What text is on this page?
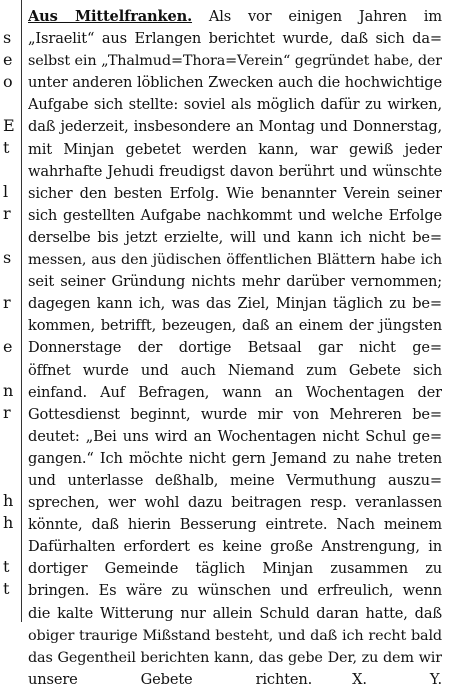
s
e
o
E
t
l
r
s
r
e
n
r
h
h
t
t
Aus Mittelfranken. Als vor einigen Jahren im
„Israelit“ aus Erlangen berichtet wurde, daß sich da=
selbst ein „Thalmud=Thora=Verein“ gegründet habe, der
unter anderen löblichen Zwecken auch die hochwichtige
Aufgabe sich stellte: soviel als möglich dafür zu wirken,
daß jederzeit, insbesondere an Montag und Donnerstag,
mit Minjan gebetet werden kann, war gewiß jeder
wahrhafte Jehudi freudigst davon berührt und wünschte
sicher den besten Erfolg. Wie benannter Verein seiner
sich gestellten Aufgabe nachkommt und welche Erfolge
derselbe bis jetzt erzielte, will und kann ich nicht be=
messen, aus den jüdischen öffentlichen Blättern habe ich
seit seiner Gründung nichts mehr darüber vernommen;
dagegen kann ich, was das Ziel, Minjan täglich zu be=
kommen, betrifft, bezeugen, daß an einem der jüngsten
Donnerstage der dortige Betsaal gar nicht ge=
öffnet wurde und auch Niemand zum Gebete sich
einfand. Auf Befragen, wann an Wochentagen der
Gottesdienst beginnt, wurde mir von Mehreren be=
deutet: „Bei uns wird an Wochentagen nicht Schul ge=
gangen.“ Ich möchte nicht gern Jemand zu nahe treten
und unterlasse deßhalb, meine Vermuthung auszu=
sprechen, wer wohl dazu beitragen resp. veranlassen
könnte, daß hierin Besserung eintrete. Nach meinem
Dafürhalten erfordert es keine große Anstrengung, in
dortiger Gemeinde täglich Minjan zusammen zu
bringen. Es wäre zu wünschen und erfreulich, wenn
die kalte Witterung nur allein Schuld daran hatte, daß
obiger traurige Mißstand besteht, und daß ich recht bald
das Gegentheil berichten kann, das gebe Der, zu dem wir
unsere Gebete richten.	X. Y.
